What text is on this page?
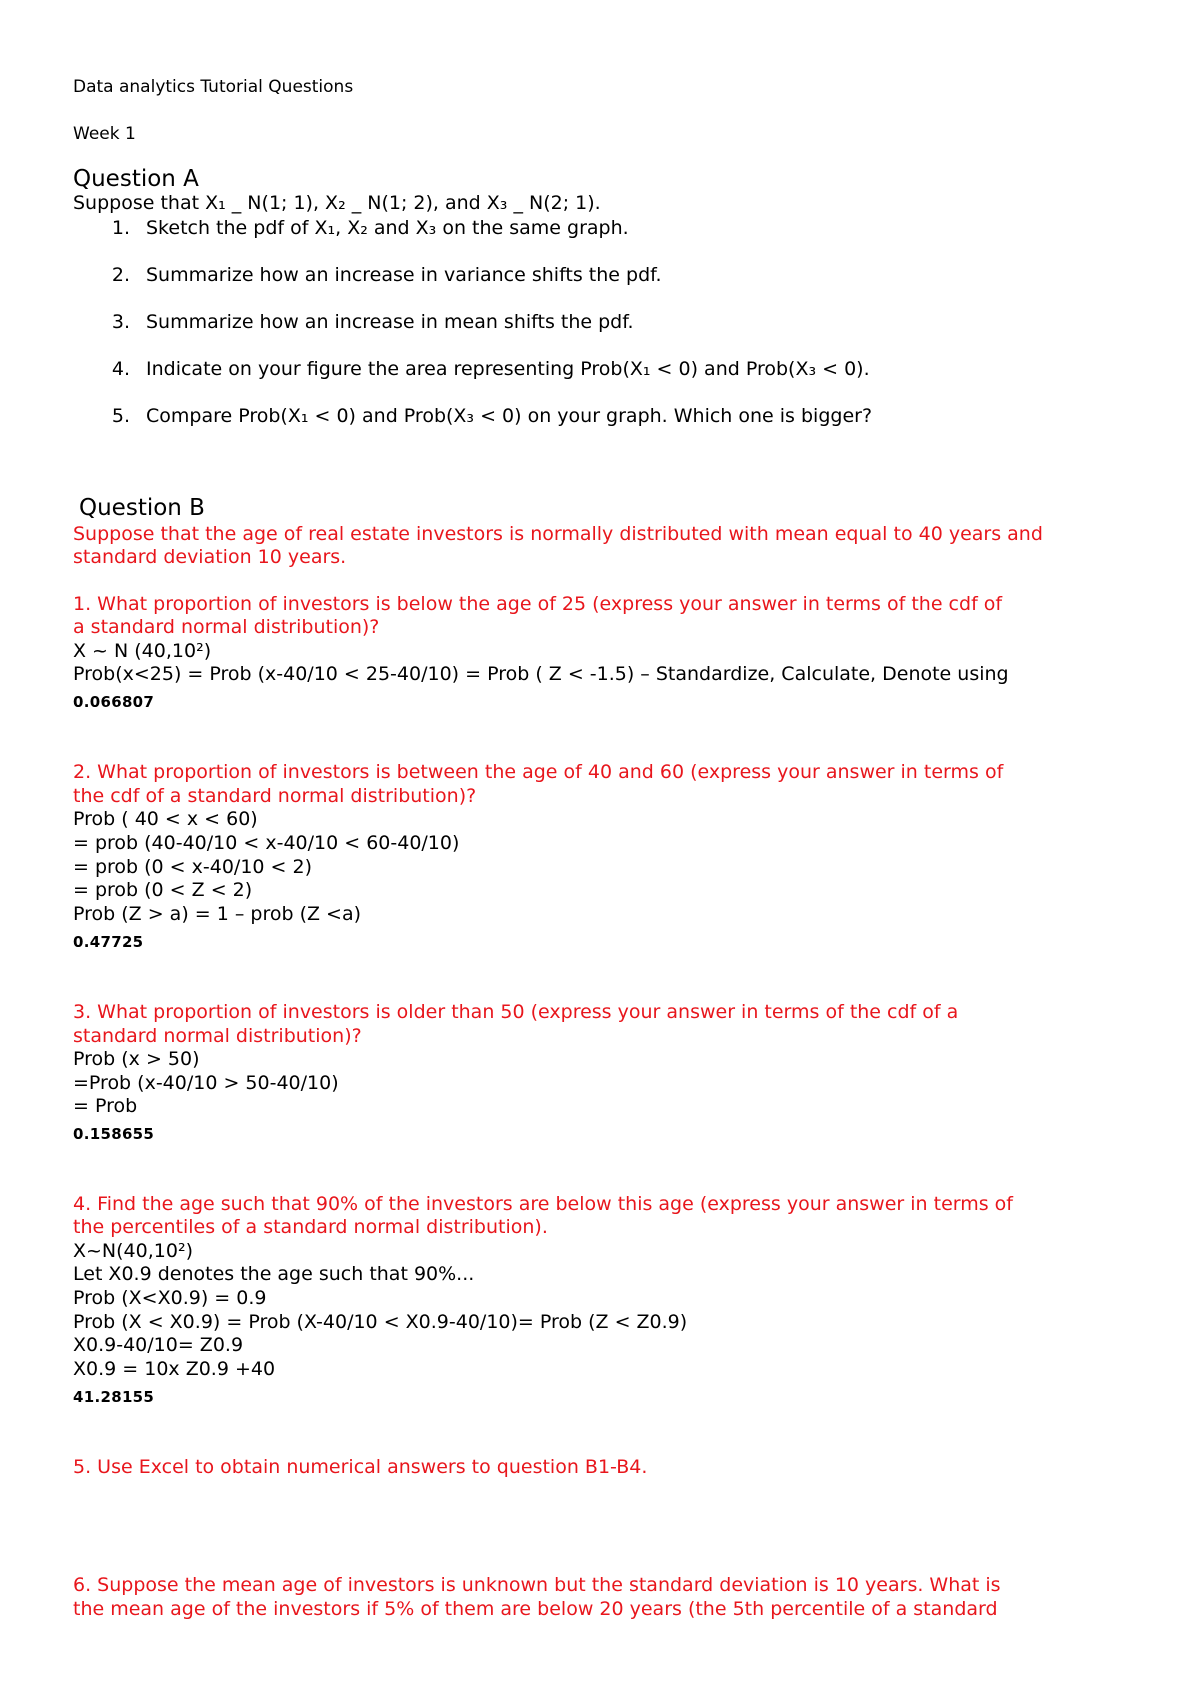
Data analytics Tutorial Questions
Week 1
Question A
Suppose that X₁ _ N(1; 1), X₂ _ N(1; 2), and X₃ _ N(2; 1).
1. Sketch the pdf of X₁, X₂ and X₃ on the same graph.
2. Summarize how an increase in variance shifts the pdf.
3. Summarize how an increase in mean shifts the pdf.
4. Indicate on your figure the area representing Prob(X₁ < 0) and Prob(X₃ < 0).
5. Compare Prob(X₁ < 0) and Prob(X₃ < 0) on your graph. Which one is bigger?
Question B
Suppose that the age of real estate investors is normally distributed with mean equal to 40 years and
standard deviation 10 years.
1. What proportion of investors is below the age of 25 (express your answer in terms of the cdf of
a standard normal distribution)?
X ~ N (40,10²)
Prob(x<25) = Prob (x-40/10 < 25-40/10) = Prob ( Z < -1.5) – Standardize, Calculate, Denote using
0.066807
2. What proportion of investors is between the age of 40 and 60 (express your answer in terms of
the cdf of a standard normal distribution)?
Prob ( 40 < x < 60)
= prob (40-40/10 < x-40/10 < 60-40/10)
= prob (0 < x-40/10 < 2)
= prob (0 < Z < 2)
Prob (Z > a) = 1 – prob (Z <a)
0.47725
3. What proportion of investors is older than 50 (express your answer in terms of the cdf of a
standard normal distribution)?
Prob (x > 50)
=Prob (x-40/10 > 50-40/10)
= Prob
0.158655
4. Find the age such that 90% of the investors are below this age (express your answer in terms of
the percentiles of a standard normal distribution).
X~N(40,10²)
Let X0.9 denotes the age such that 90%...
Prob (X<X0.9) = 0.9
Prob (X < X0.9) = Prob (X-40/10 < X0.9-40/10)= Prob (Z < Z0.9)
X0.9-40/10= Z0.9
X0.9 = 10x Z0.9 +40
41.28155
5. Use Excel to obtain numerical answers to question B1-B4.
6. Suppose the mean age of investors is unknown but the standard deviation is 10 years. What is
the mean age of the investors if 5% of them are below 20 years (the 5th percentile of a standard
